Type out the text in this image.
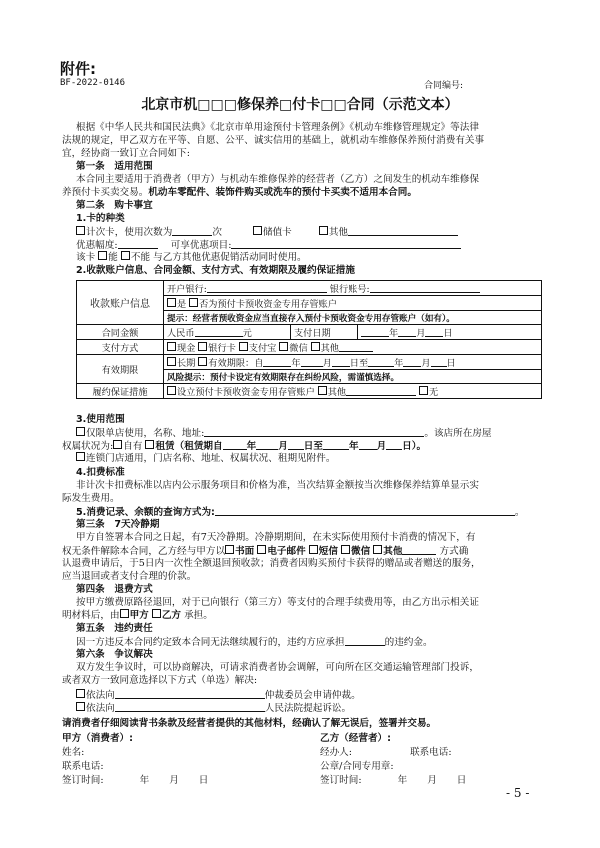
附件:
BF-2022-0146	合同编号:
北京市机□□□修保养□付卡□□合同（示范文本）
根据《中华人民共和国民法典》《北京市单用途预付卡管理条例》《机动车维修管理规定》等法律
法规的规定，甲乙双方在平等、自愿、公平、诚实信用的基础上，就机动车维修保养预付消费有关事
宜，经协商一致订立合同如下:
第一条　适用范围
本合同主要适用于消费者（甲方）与机动车维修保养的经营者（乙方）之间发生的机动车维修保
养预付卡买卖交易。机动车零配件、装饰件购买或洗车的预付卡买卖不适用本合同。
第二条　购卡事宜
1.卡的种类
计次卡，使用次数为	次	储值卡	其他
优惠幅度:	可享优惠项目:
该卡 能 不能 与乙方其他优惠促销活动同时使用。
2.收款账户信息、合同金额、支付方式、有效期限及履约保证措施
收款账户信息	开户银行: 银行账号:		
	是 否为预付卡预收资金专用存管账户		
	提示：经营者预收资金应当直接存入预付卡预收资金专用存管账户（如有）。		
合同金额	人民币 元	支付日期	年 月 日
支付方式	现金 银行卡 支付宝 微信 其他		
有效期限	长期 有效期限：自 年 月 日至 年 月 日		
	风险提示：预付卡设定有效期限存在纠纷风险，需谨慎选择。		
履约保证措施	设立预付卡预收资金专用存管账户 其他 无		
3.使用范围
仅限单店使用，名称、地址:	。该店所在房屋
权属状况为: 自有 租赁（租赁期自	年 月 日至	年 月 日）。
连锁门店通用，门店名称、地址、权属状况、租期见附件。
4.扣费标准
非计次卡扣费标准以店内公示服务项目和价格为准，当次结算金额按当次维修保养结算单显示实
际发生费用。
5.消费记录、余额的查询方式为:	。
第三条　7天冷静期
甲方自签署本合同之日起，有7天冷静期。冷静期期间，在未实际使用预付卡消费的情况下，有
权无条件解除本合同，乙方经与甲方以 书面 电子邮件 短信 微信 其他	方式确
认退费申请后，于5日内一次性全额退回预收款；消费者因购买预付卡获得的赠品或者赠送的服务，
应当退回或者支付合理的价款。
第四条　退费方式
按甲方缴费原路径退回，对于已向银行（第三方）等支付的合理手续费用等，由乙方出示相关证
明材料后，由 甲方 乙方 承担。
第五条　违约责任
因一方违反本合同约定致本合同无法继续履行的，违约方应承担	的违约金。
第六条　争议解决
双方发生争议时，可以协商解决，可请求消费者协会调解，可向所在区交通运输管理部门投诉，
或者双方一致同意选择以下方式（单选）解决:
依法向	仲裁委员会申请仲裁。
依法向	人民法院提起诉讼。
请消费者仔细阅读背书条款及经营者提供的其他材料，经确认了解无误后，签署并交易。
甲方（消费者）:	乙方（经营者）:
姓名:	经办人:	联系电话:
联系电话:	公章/合同专用章:
签订时间:	年 月 日	签订时间:	年 月 日
- 5 -
